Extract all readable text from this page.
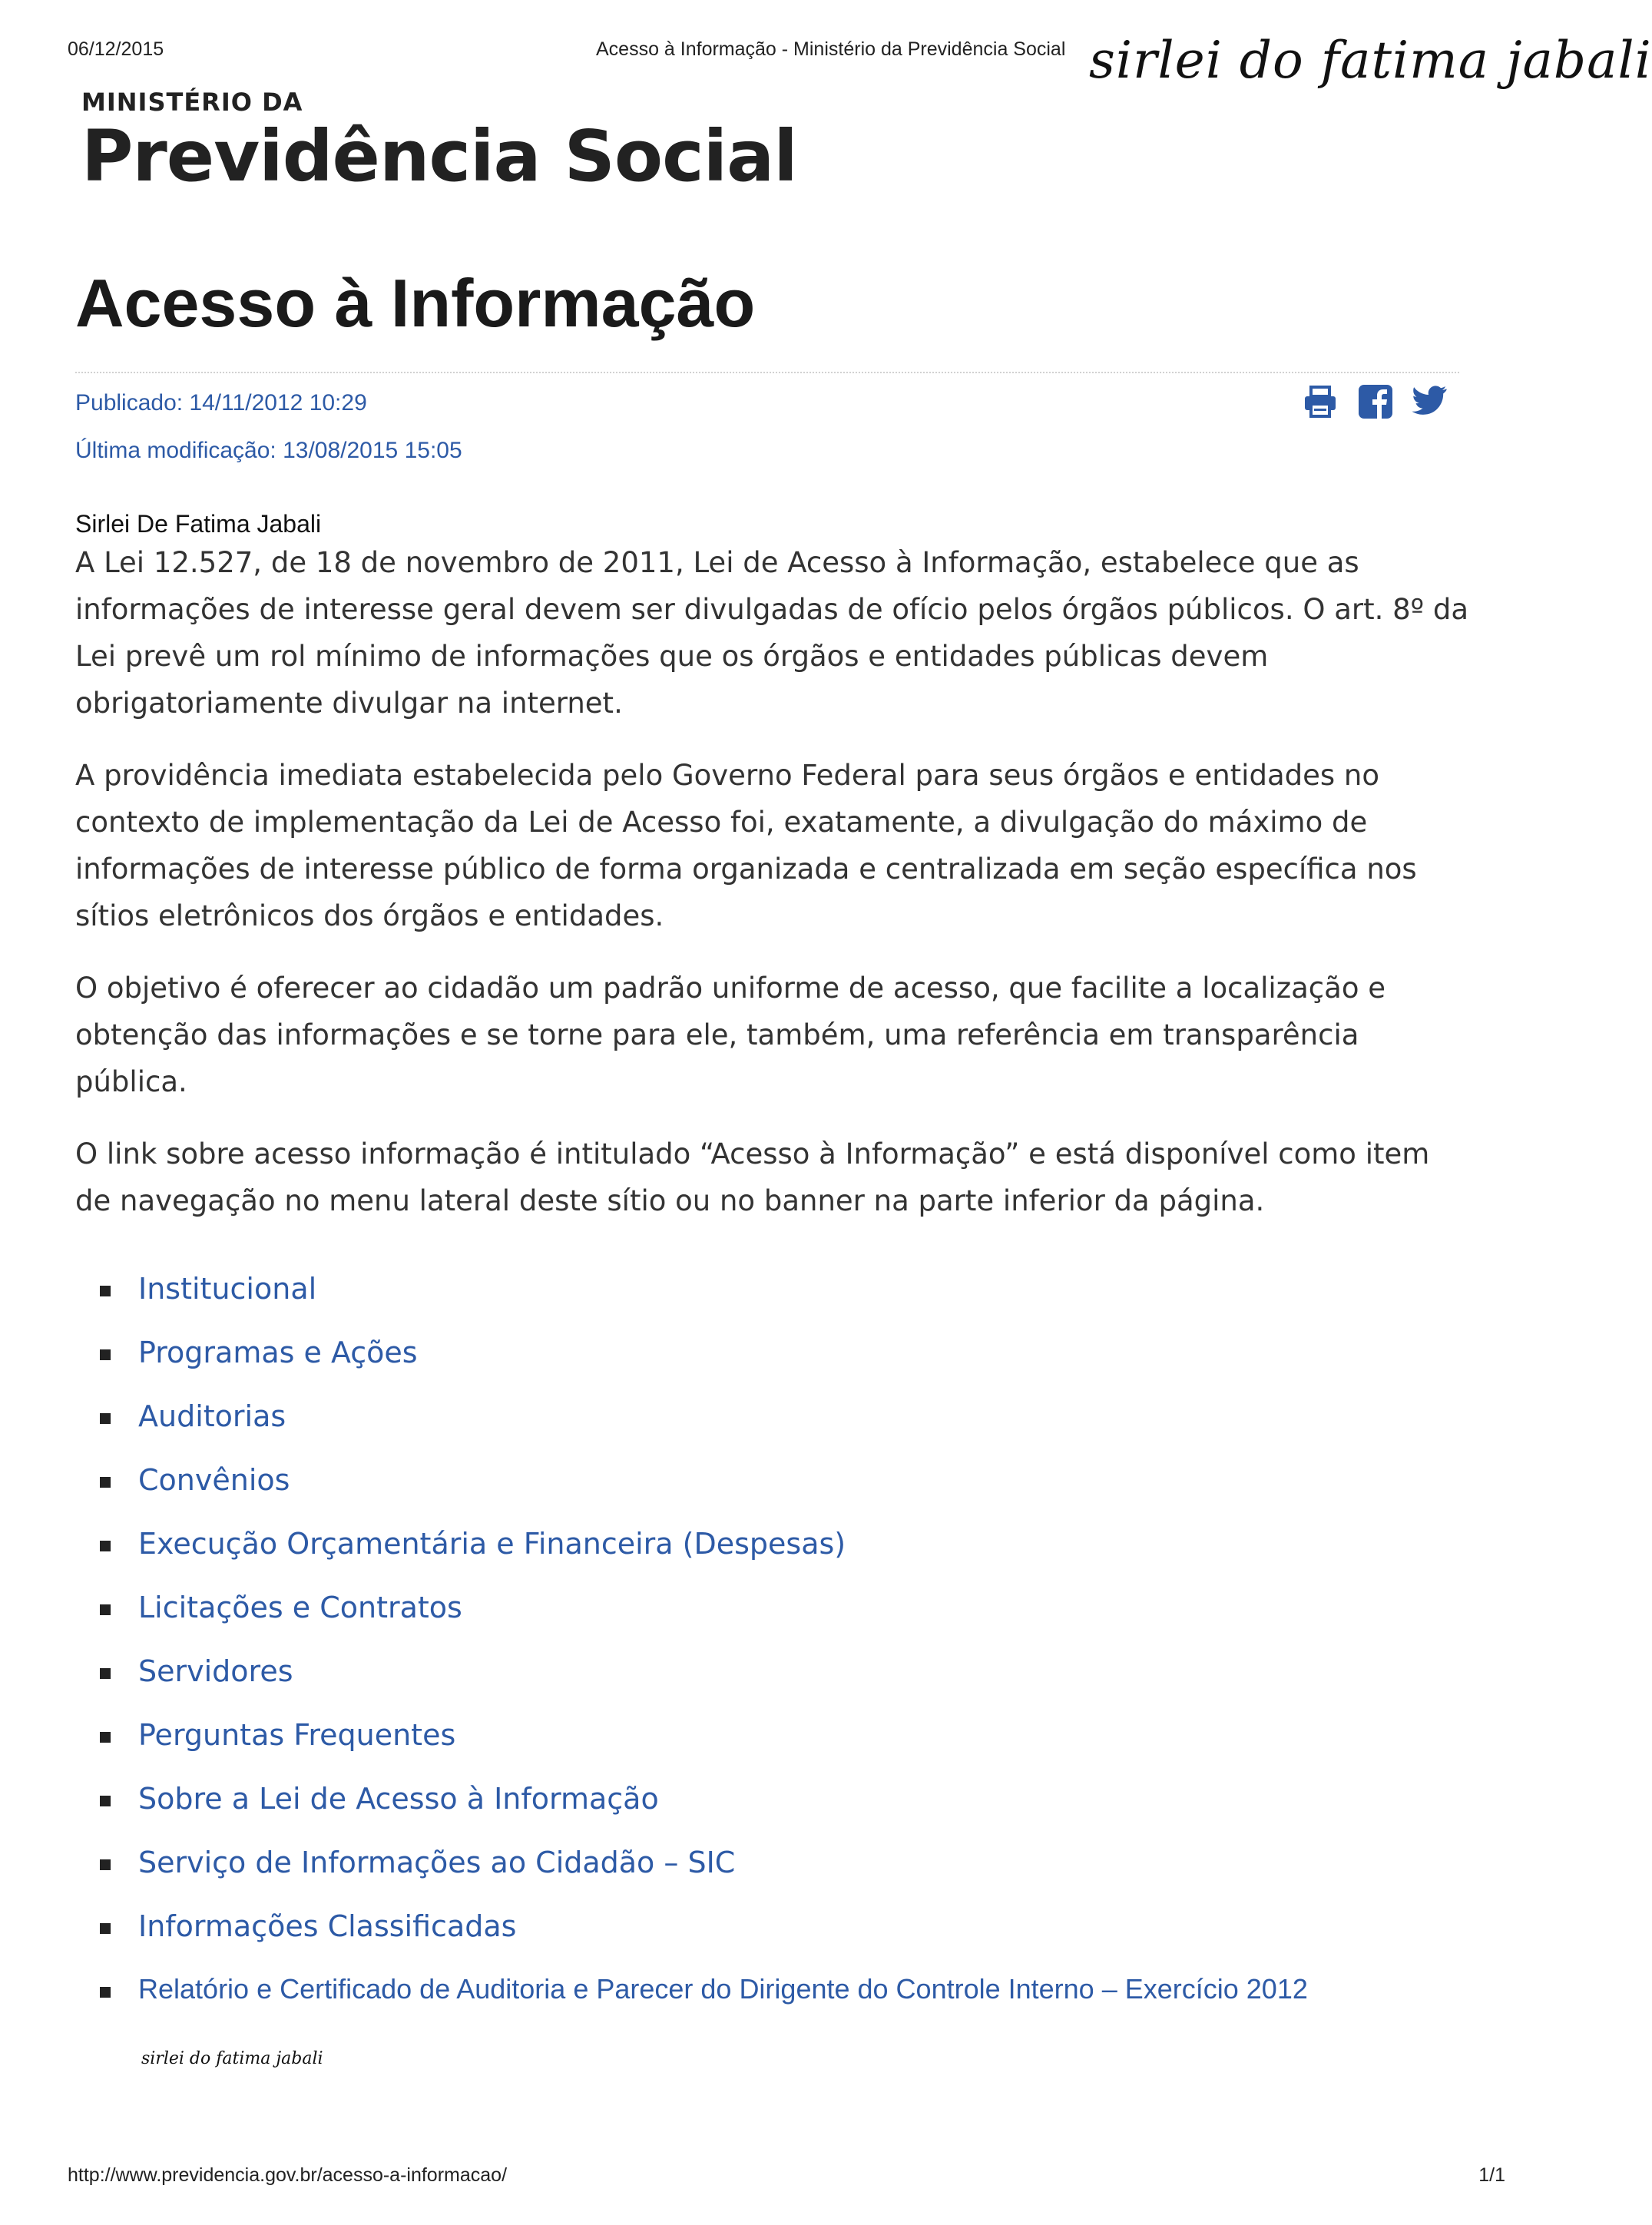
06/12/2015	Acesso à Informação - Ministério da Previdência Social sirlei do fatima jabali
MINISTÉRIO DA
Previdência Social
Acesso à Informação
Publicado: 14/11/2012 10:29
Última modificação: 13/08/2015 15:05
Sirlei De Fatima Jabali

A Lei 12.527, de 18 de novembro de 2011, Lei de Acesso à Informação, estabelece que as informações de interesse geral devem ser divulgadas de ofício pelos órgãos públicos. O art. 8º da Lei prevê um rol mínimo de informações que os órgãos e entidades públicas devem obrigatoriamente divulgar na internet.

A providência imediata estabelecida pelo Governo Federal para seus órgãos e entidades no contexto de implementação da Lei de Acesso foi, exatamente, a divulgação do máximo de informações de interesse público de forma organizada e centralizada em seção específica nos sítios eletrônicos dos órgãos e entidades.

O objetivo é oferecer ao cidadão um padrão uniforme de acesso, que facilite a localização e obtenção das informações e se torne para ele, também, uma referência em transparência pública.

O link sobre acesso informação é intitulado “Acesso à Informação” e está disponível como item de navegação no menu lateral deste sítio ou no banner na parte inferior da página.

Institucional
Programas e Ações
Auditorias
Convênios
Execução Orçamentária e Financeira (Despesas)
Licitações e Contratos
Servidores
Perguntas Frequentes
Sobre a Lei de Acesso à Informação
Serviço de Informações ao Cidadão – SIC
Informações Classificadas
Relatório e Certificado de Auditoria e Parecer do Dirigente do Controle Interno – Exercício 2012
sirlei do fatima jabali
http://www.previdencia.gov.br/acesso-a-informacao/	1/1
